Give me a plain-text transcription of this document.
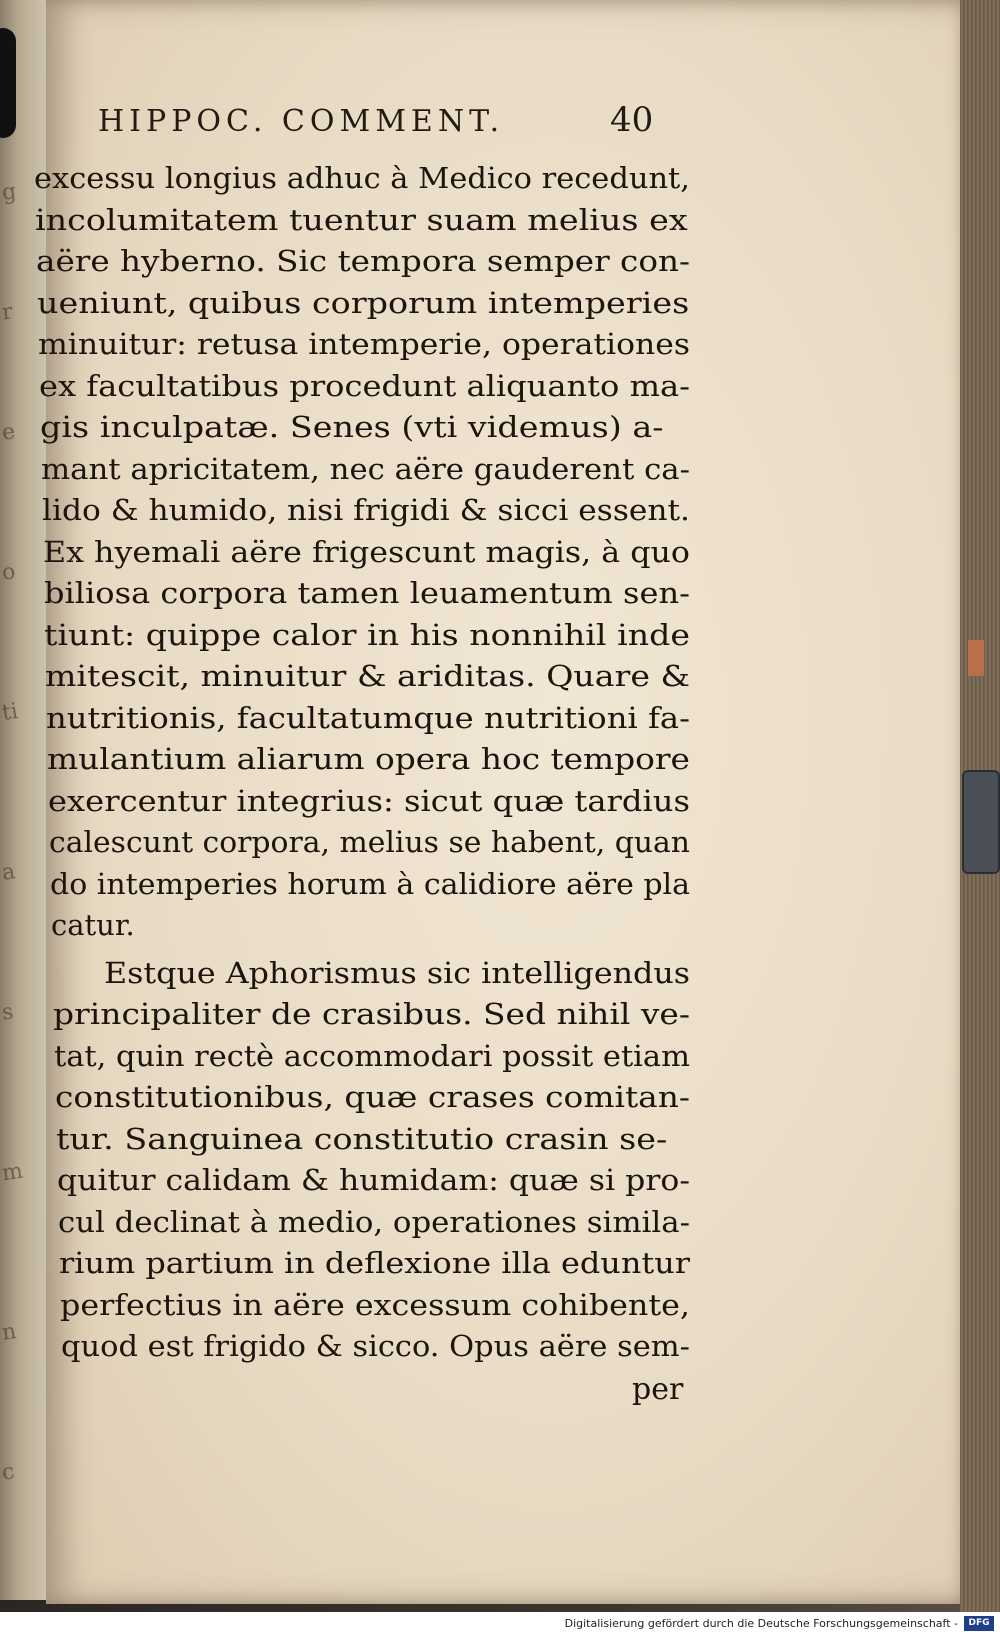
g
r
e
o
ti
a
s
m
n
c
HIPPOC. COMMENT.	40
excessu longius adhuc à Medico recedunt,
incolumitatem tuentur suam melius ex
aëre hyberno. Sic tempora semper con-
ueniunt, quibus corporum intemperies
minuitur: retusa intemperie, operationes
ex facultatibus procedunt aliquanto ma-
gis inculpatæ. Senes (vti videmus) a-
mant apricitatem, nec aëre gauderent ca-
lido & humido, nisi frigidi & sicci essent.
Ex hyemali aëre frigescunt magis, à quo
biliosa corpora tamen leuamentum sen-
tiunt: quippe calor in his nonnihil inde
mitescit, minuitur & ariditas. Quare &
nutritionis, facultatumque nutritioni fa-
mulantium aliarum opera hoc tempore
exercentur integrius: sicut quæ tardius
calescunt corpora, melius se habent, quan
do intemperies horum à calidiore aëre pla
catur.
Estque Aphorismus sic intelligendus
principaliter de crasibus. Sed nihil ve-
tat, quin rectè accommodari possit etiam
constitutionibus, quæ crases comitan-
tur. Sanguinea constitutio crasin se-
quitur calidam & humidam: quæ si pro-
cul declinat à medio, operationes simila-
rium partium in deflexione illa eduntur
perfectius in aëre excessum cohibente,
quod est frigido & sicco. Opus aëre sem-
per
Digitalisierung gefördert durch die Deutsche Forschungsgemeinschaft -	DFG
